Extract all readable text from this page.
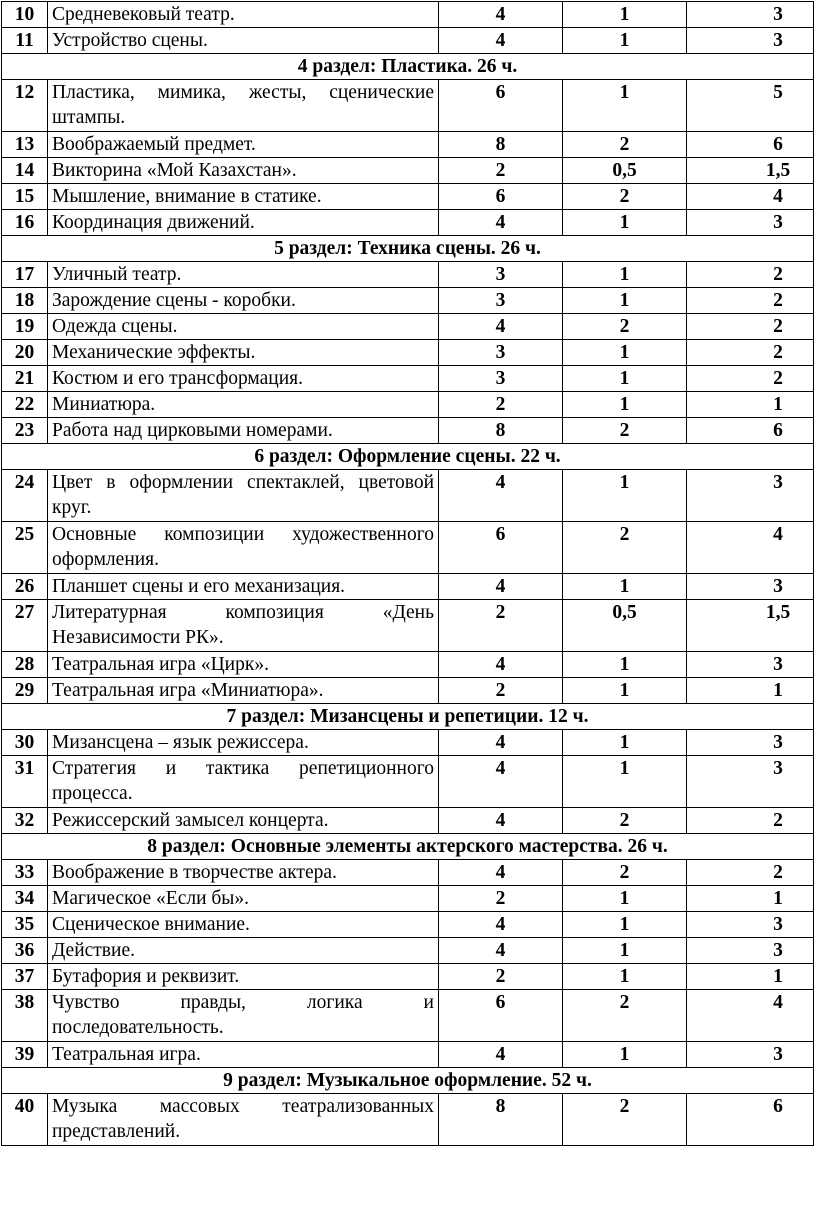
10	Средневековый театр.	4	1	3
11	Устройство сцены.	4	1	3
4 раздел: Пластика. 26 ч.				
12	Пластика, мимика, жесты, сценические штампы.	6	1	5
13	Воображаемый предмет.	8	2	6
14	Викторина «Мой Казахстан».	2	0,5	1,5
15	Мышление, внимание в статике.	6	2	4
16	Координация движений.	4	1	3
5 раздел: Техника сцены. 26 ч.				
17	Уличный театр.	3	1	2
18	Зарождение сцены - коробки.	3	1	2
19	Одежда сцены.	4	2	2
20	Механические эффекты.	3	1	2
21	Костюм и его трансформация.	3	1	2
22	Миниатюра.	2	1	1
23	Работа над цирковыми номерами.	8	2	6
6 раздел: Оформление сцены. 22 ч.				
24	Цвет в оформлении спектаклей, цветовой круг.	4	1	3
25	Основные композиции художественного оформления.	6	2	4
26	Планшет сцены и его механизация.	4	1	3
27	Литературная композиция «День Независимости РК».	2	0,5	1,5
28	Театральная игра «Цирк».	4	1	3
29	Театральная игра «Миниатюра».	2	1	1
7 раздел: Мизансцены и репетиции. 12 ч.				
30	Мизансцена – язык режиссера.	4	1	3
31	Стратегия и тактика репетиционного процесса.	4	1	3
32	Режиссерский замысел концерта.	4	2	2
8 раздел: Основные элементы актерского мастерства. 26 ч.				
33	Воображение в творчестве актера.	4	2	2
34	Магическое «Если бы».	2	1	1
35	Сценическое внимание.	4	1	3
36	Действие.	4	1	3
37	Бутафория и реквизит.	2	1	1
38	Чувство правды, логика и последовательность.	6	2	4
39	Театральная игра.	4	1	3
9 раздел: Музыкальное оформление. 52 ч.				
40	Музыка массовых театрализованных представлений.	8	2	6
